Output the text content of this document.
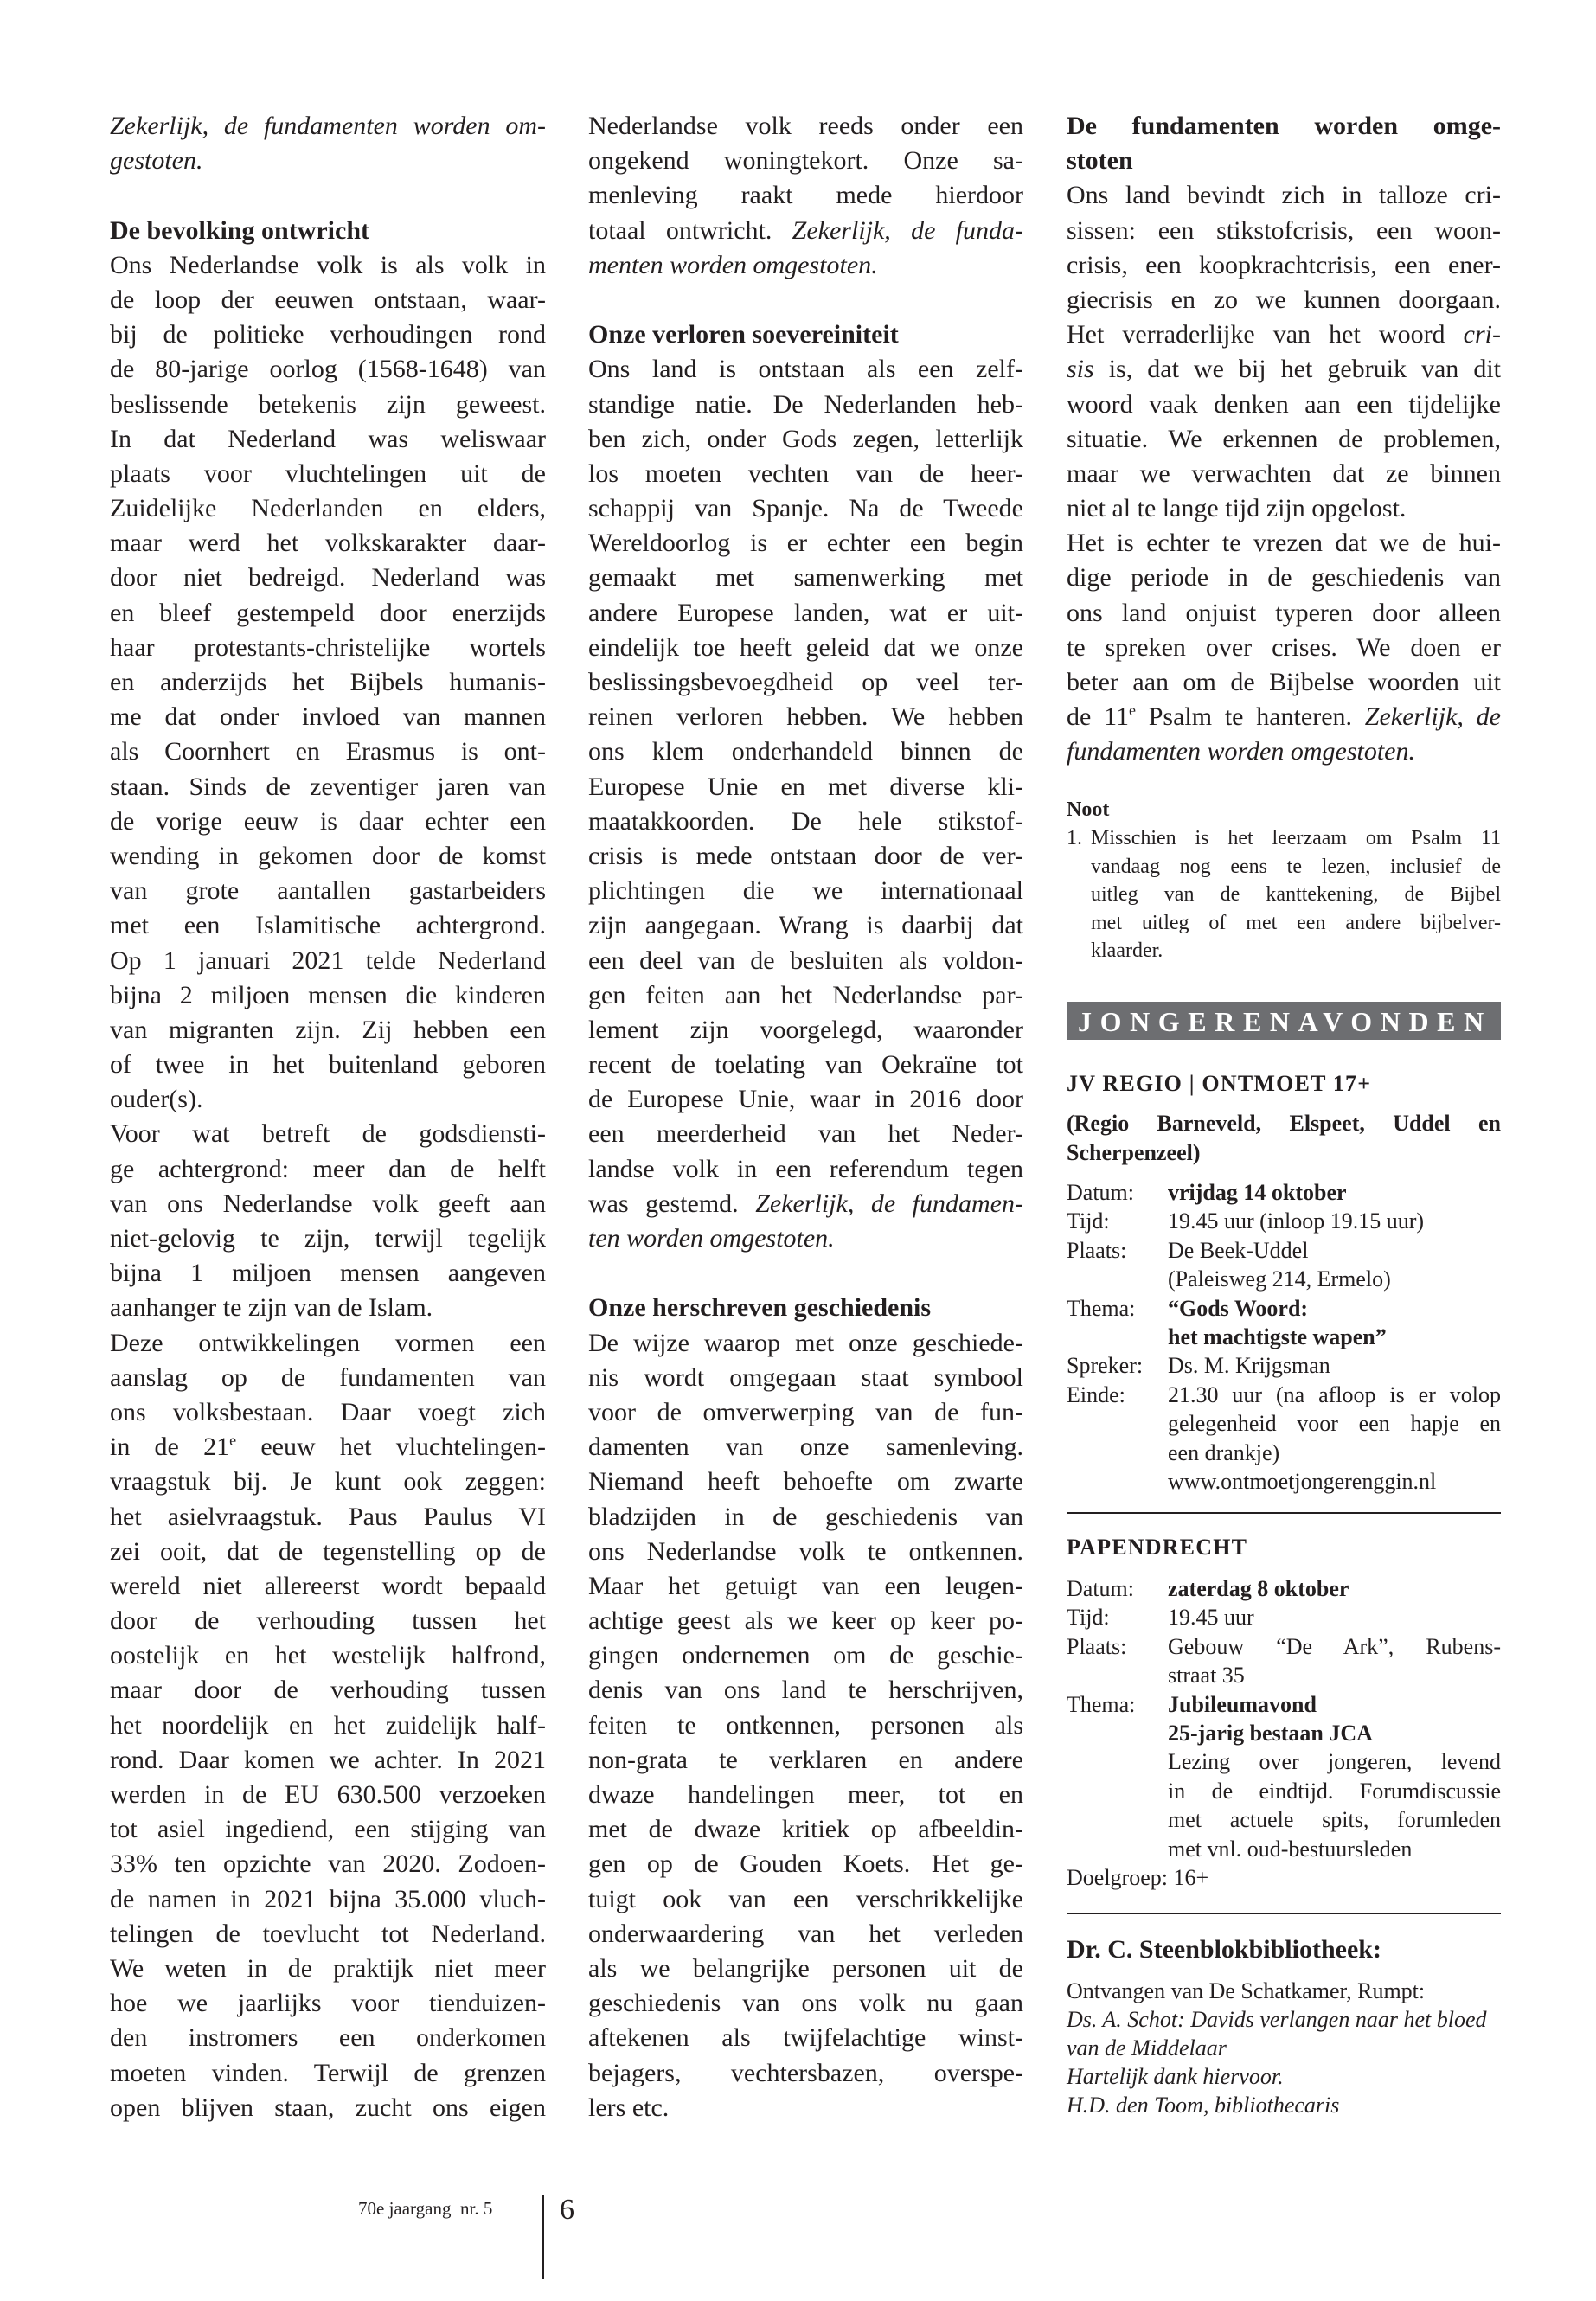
Zekerlijk, de fundamenten worden om-
gestoten.
De bevolking ontwricht
Ons Nederlandse volk is als volk in
de loop der eeuwen ontstaan, waar-
bij de politieke verhoudingen rond
de 80-jarige oorlog (1568-1648) van
beslissende betekenis zijn geweest.
In dat Nederland was weliswaar
plaats voor vluchtelingen uit de
Zuidelijke Nederlanden en elders,
maar werd het volkskarakter daar-
door niet bedreigd. Nederland was
en bleef gestempeld door enerzijds
haar protestants-christelijke wortels
en anderzijds het Bijbels humanis-
me dat onder invloed van mannen
als Coornhert en Erasmus is ont-
staan. Sinds de zeventiger jaren van
de vorige eeuw is daar echter een
wending in gekomen door de komst
van grote aantallen gastarbeiders
met een Islamitische achtergrond.
Op 1 januari 2021 telde Nederland
bijna 2 miljoen mensen die kinderen
van migranten zijn. Zij hebben een
of twee in het buitenland geboren
ouder(s).
Voor wat betreft de godsdiensti-
ge achtergrond: meer dan de helft
van ons Nederlandse volk geeft aan
niet-gelovig te zijn, terwijl tegelijk
bijna 1 miljoen mensen aangeven
aanhanger te zijn van de Islam.
Deze ontwikkelingen vormen een
aanslag op de fundamenten van
ons volksbestaan. Daar voegt zich
in de 21e eeuw het vluchtelingen-
vraagstuk bij. Je kunt ook zeggen:
het asielvraagstuk. Paus Paulus VI
zei ooit, dat de tegenstelling op de
wereld niet allereerst wordt bepaald
door de verhouding tussen het
oostelijk en het westelijk halfrond,
maar door de verhouding tussen
het noordelijk en het zuidelijk half-
rond. Daar komen we achter. In 2021
werden in de EU 630.500 verzoeken
tot asiel ingediend, een stijging van
33% ten opzichte van 2020. Zodoen-
de namen in 2021 bijna 35.000 vluch-
telingen de toevlucht tot Nederland.
We weten in de praktijk niet meer
hoe we jaarlijks voor tienduizen-
den instromers een onderkomen
moeten vinden. Terwijl de grenzen
open blijven staan, zucht ons eigen
Nederlandse volk reeds onder een
ongekend woningtekort. Onze sa-
menleving raakt mede hierdoor
totaal ontwricht. Zekerlijk, de funda-
menten worden omgestoten.
Onze verloren soevereiniteit
Ons land is ontstaan als een zelf-
standige natie. De Nederlanden heb-
ben zich, onder Gods zegen, letterlijk
los moeten vechten van de heer-
schappij van Spanje. Na de Tweede
Wereldoorlog is er echter een begin
gemaakt met samenwerking met
andere Europese landen, wat er uit-
eindelijk toe heeft geleid dat we onze
beslissingsbevoegdheid op veel ter-
reinen verloren hebben. We hebben
ons klem onderhandeld binnen de
Europese Unie en met diverse kli-
maatakkoorden. De hele stikstof-
crisis is mede ontstaan door de ver-
plichtingen die we internationaal
zijn aangegaan. Wrang is daarbij dat
een deel van de besluiten als voldon-
gen feiten aan het Nederlandse par-
lement zijn voorgelegd, waaronder
recent de toelating van Oekraïne tot
de Europese Unie, waar in 2016 door
een meerderheid van het Neder-
landse volk in een referendum tegen
was gestemd. Zekerlijk, de fundamen-
ten worden omgestoten.
Onze herschreven geschiedenis
De wijze waarop met onze geschiede-
nis wordt omgegaan staat symbool
voor de omverwerping van de fun-
damenten van onze samenleving.
Niemand heeft behoefte om zwarte
bladzijden in de geschiedenis van
ons Nederlandse volk te ontkennen.
Maar het getuigt van een leugen-
achtige geest als we keer op keer po-
gingen ondernemen om de geschie-
denis van ons land te herschrijven,
feiten te ontkennen, personen als
non-grata te verklaren en andere
dwaze handelingen meer, tot en
met de dwaze kritiek op afbeeldin-
gen op de Gouden Koets. Het ge-
tuigt ook van een verschrikkelijke
onderwaardering van het verleden
als we belangrijke personen uit de
geschiedenis van ons volk nu gaan
aftekenen als twijfelachtige winst-
bejagers, vechtersbazen, overspe-
lers etc.
De fundamenten worden omge-
stoten
Ons land bevindt zich in talloze cri-
sissen: een stikstofcrisis, een woon-
crisis, een koopkrachtcrisis, een ener-
giecrisis en zo we kunnen doorgaan.
Het verraderlijke van het woord cri-
sis is, dat we bij het gebruik van dit
woord vaak denken aan een tijdelijke
situatie. We erkennen de problemen,
maar we verwachten dat ze binnen
niet al te lange tijd zijn opgelost.
Het is echter te vrezen dat we de hui-
dige periode in de geschiedenis van
ons land onjuist typeren door alleen
te spreken over crises. We doen er
beter aan om de Bijbelse woorden uit
de 11e Psalm te hanteren. Zekerlijk, de
fundamenten worden omgestoten.
Noot
1. Misschien is het leerzaam om Psalm 11
vandaag nog eens te lezen, inclusief de
uitleg van de kanttekening, de Bijbel
met uitleg of met een andere bijbelver-
klaarder.
JONGERENAVONDEN
JV REGIO | ONTMOET 17+
(Regio Barneveld, Elspeet, Uddel en
Scherpenzeel)
Datum:	vrijdag 14 oktober
Tijd:	19.45 uur (inloop 19.15 uur)
Plaats:	De Beek-Uddel
(Paleisweg 214, Ermelo)
Thema:	“Gods Woord:
het machtigste wapen”
Spreker:	Ds. M. Krijgsman
Einde:	21.30 uur (na afloop is er volop
gelegenheid voor een hapje en
een drankje)
www.ontmoetjongerenggin.nl
PAPENDRECHT
Datum:	zaterdag 8 oktober
Tijd:	19.45 uur
Plaats:	Gebouw “De Ark”, Rubens-
straat 35
Thema:	Jubileumavond
25-jarig bestaan JCA
Lezing over jongeren, levend
in de eindtijd. Forumdiscussie
met actuele spits, forumleden
met vnl. oud-bestuursleden
Doelgroep: 16+
Dr. C. Steenblokbibliotheek:
Ontvangen van De Schatkamer, Rumpt:
Ds. A. Schot: Davids verlangen naar het bloed
van de Middelaar
Hartelijk dank hiervoor.
H.D. den Toom, bibliothecaris
70e jaargang  nr. 5 6
